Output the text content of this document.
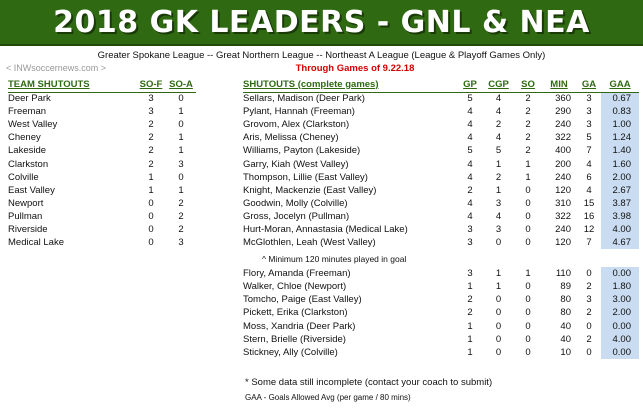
2018 GK LEADERS - GNL & NEA
Greater Spokane League -- Great Northern League -- Northeast A League (League & Playoff Games Only)
< INWsoccernews.com >	Through Games of 9.22.18
TEAM SHUTOUTS	SO-F	SO-A
Deer Park	3	0
Freeman	3	1
West Valley	2	0
Cheney	2	1
Lakeside	2	1
Clarkston	2	3
Colville	1	0
East Valley	1	1
Newport	0	2
Pullman	0	2
Riverside	0	2
Medical Lake	0	3
SHUTOUTS (complete games)	GP	CGP	SO	MIN	GA	GAA
Sellars, Madison (Deer Park)	5	4	2	360	3	0.67
Pylant, Hannah (Freeman)	4	4	2	290	3	0.83
Grovom, Alex (Clarkston)	4	2	2	240	3	1.00
Aris, Melissa (Cheney)	4	4	2	322	5	1.24
Williams, Payton (Lakeside)	5	5	2	400	7	1.40
Garry, Kiah (West Valley)	4	1	1	200	4	1.60
Thompson, Lillie (East Valley)	4	2	1	240	6	2.00
Knight, Mackenzie (East Valley)	2	1	0	120	4	2.67
Goodwin, Molly (Colville)	4	3	0	310	15	3.87
Gross, Jocelyn (Pullman)	4	4	0	322	16	3.98
Hurt-Moran, Annastasia (Medical Lake)	3	3	0	240	12	4.00
McGlothlen, Leah (West Valley)	3	0	0	120	7	4.67

Flory, Amanda (Freeman)	3	1	1	110	0	0.00
Walker, Chloe (Newport)	1	1	0	89	2	1.80
Tomcho, Paige (East Valley)	2	0	0	80	3	3.00
Pickett, Erika (Clarkston)	2	0	0	80	2	2.00
Moss, Xandria (Deer Park)	1	0	0	40	0	0.00
Stern, Brielle (Riverside)	1	0	0	40	2	4.00
Stickney, Ally (Colville)	1	0	0	10	0	0.00
^ Minimum 120 minutes played in goal
* Some data still incomplete (contact your coach to submit)
GAA - Goals Allowed Avg (per game / 80 mins)
